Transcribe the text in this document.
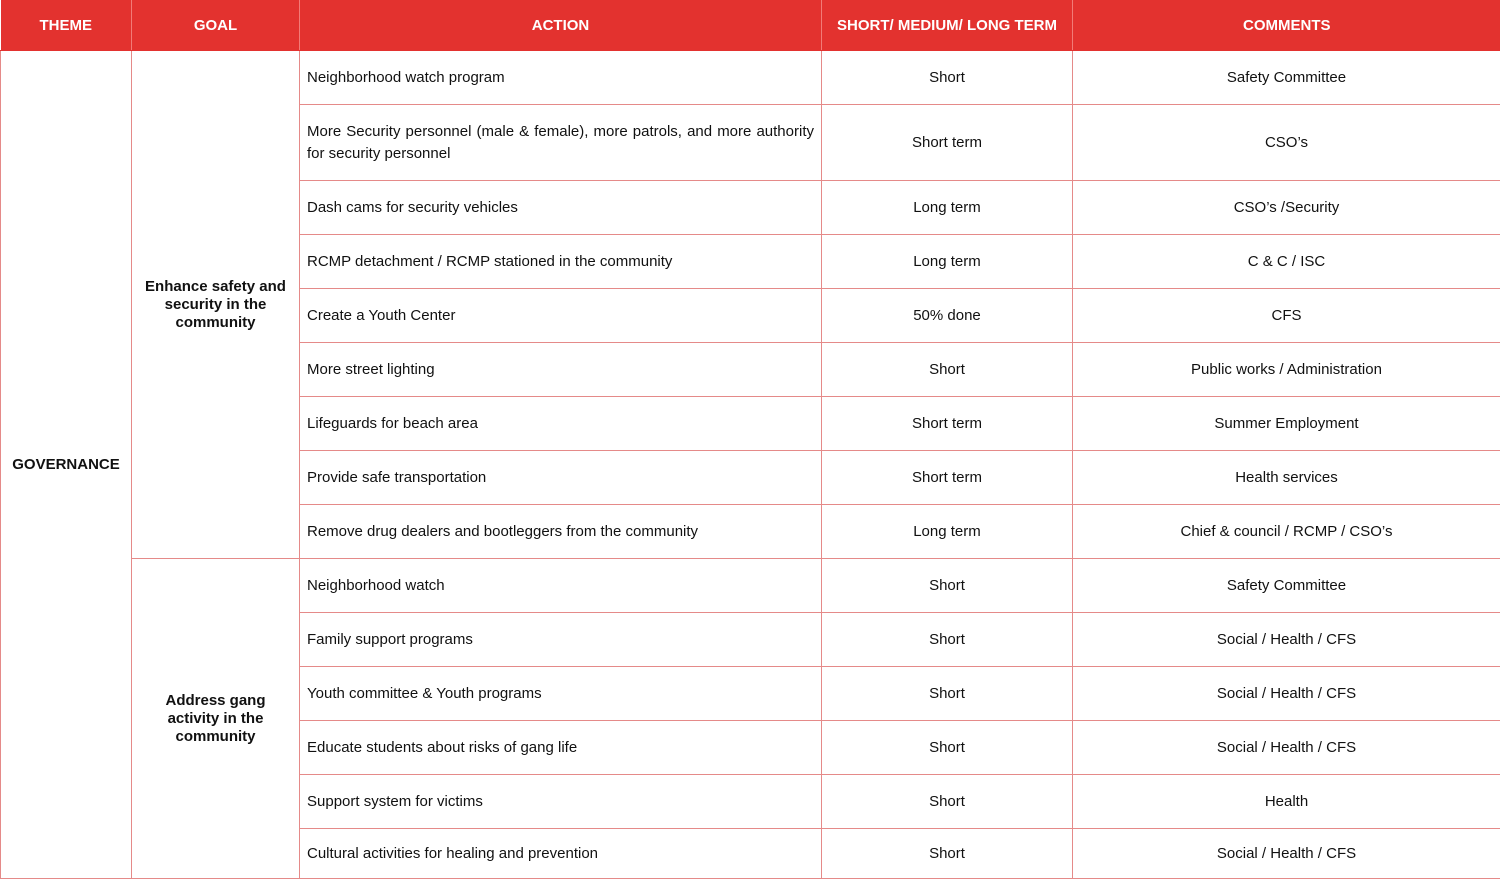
THEME	GOAL	ACTION	SHORT/ MEDIUM/ LONG TERM	COMMENTS
GOVERNANCE	Enhance safety and security in the community	Neighborhood watch program	Short	Safety Committee
		More Security personnel (male & female), more patrols, and more authority for security personnel	Short term	CSO’s
		Dash cams for security vehicles	Long term	CSO’s /Security
		RCMP detachment / RCMP stationed in the community	Long term	C & C / ISC
		Create a Youth Center	50% done	CFS
		More street lighting	Short	Public works / Administration
		Lifeguards for beach area	Short term	Summer Employment
		Provide safe transportation	Short term	Health services
		Remove drug dealers and bootleggers from the community	Long term	Chief & council / RCMP / CSO’s
	Address gang activity in the community	Neighborhood watch	Short	Safety Committee
		Family support programs	Short	Social / Health / CFS
		Youth committee & Youth programs	Short	Social / Health / CFS
		Educate students about risks of gang life	Short	Social / Health / CFS
		Support system for victims	Short	Health
		Cultural activities for healing and prevention	Short	Social / Health / CFS
